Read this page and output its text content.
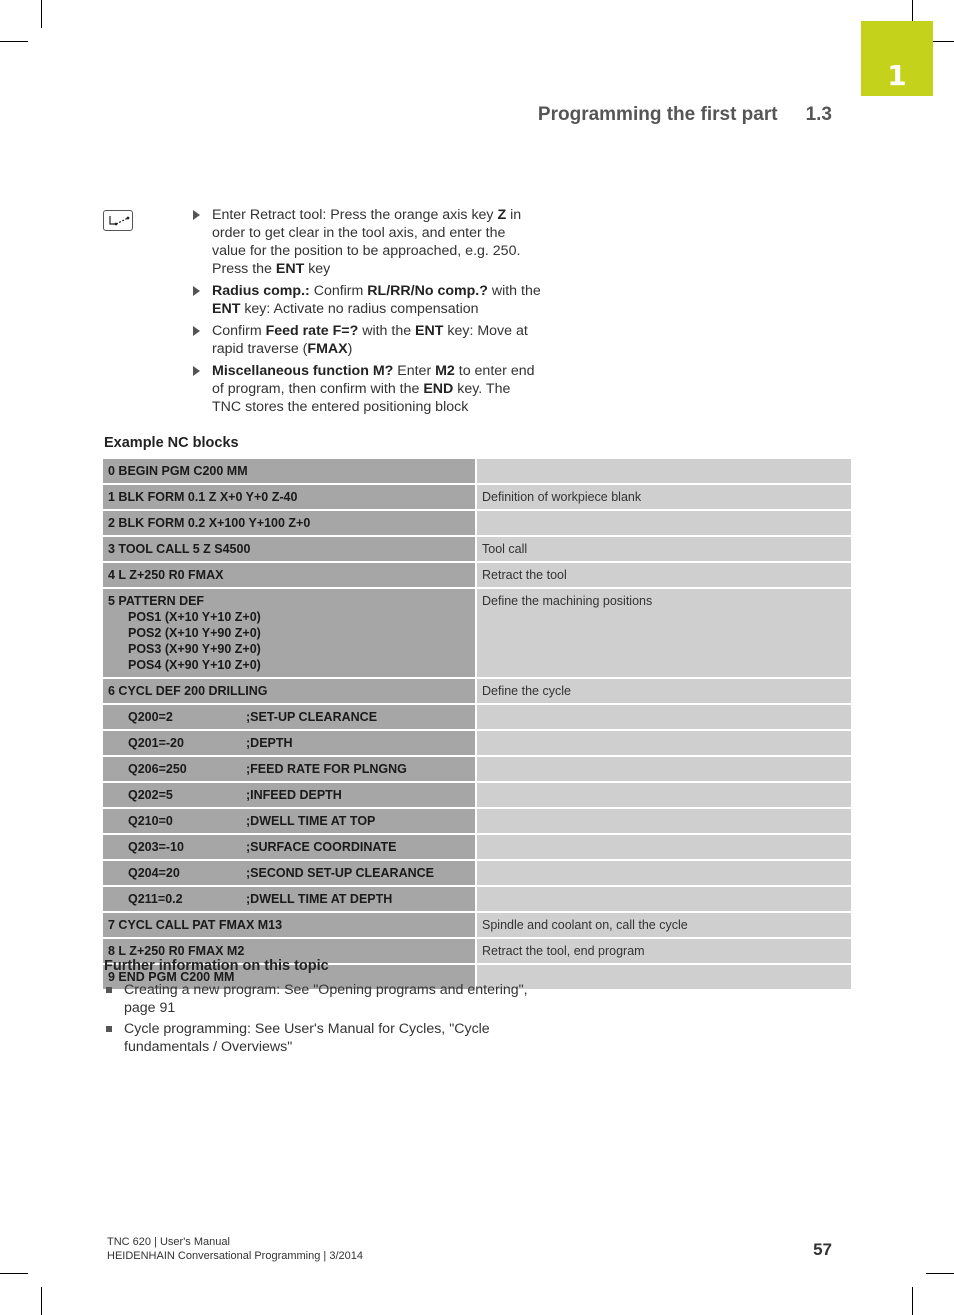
1
Programming the first part 1.3
Enter Retract tool: Press the orange axis key Z in order to get clear in the tool axis, and enter the value for the position to be approached, e.g. 250. Press the ENT key
Radius comp.: Confirm RL/RR/No comp.? with the ENT key: Activate no radius compensation
Confirm Feed rate F=? with the ENT key: Move at rapid traverse (FMAX)
Miscellaneous function M? Enter M2 to enter end of program, then confirm with the END key. The TNC stores the entered positioning block
Example NC blocks
0 BEGIN PGM C200 MM	
1 BLK FORM 0.1 Z X+0 Y+0 Z-40	Definition of workpiece blank
2 BLK FORM 0.2 X+100 Y+100 Z+0	
3 TOOL CALL 5 Z S4500	Tool call
4 L Z+250 R0 FMAX	Retract the tool
5 PATTERN DEF
POS1 (X+10 Y+10 Z+0)
POS2 (X+10 Y+90 Z+0)
POS3 (X+90 Y+90 Z+0)
POS4 (X+90 Y+10 Z+0)	Define the machining positions
6 CYCL DEF 200 DRILLING	Define the cycle

Q200=2 ;SET-UP CLEARANCE	

Q201=-20 ;DEPTH	

Q206=250 ;FEED RATE FOR PLNGNG	

Q202=5 ;INFEED DEPTH	

Q210=0 ;DWELL TIME AT TOP	

Q203=-10 ;SURFACE COORDINATE	

Q204=20 ;SECOND SET-UP CLEARANCE	

Q211=0.2 ;DWELL TIME AT DEPTH	

7 CYCL CALL PAT FMAX M13	Spindle and coolant on, call the cycle
8 L Z+250 R0 FMAX M2	Retract the tool, end program
9 END PGM C200 MM	
Further information on this topic
Creating a new program: See "Opening programs and entering", page 91
Cycle programming: See User's Manual for Cycles, "Cycle fundamentals / Overviews"
TNC 620 | User's Manual
HEIDENHAIN Conversational Programming | 3/2014	57
